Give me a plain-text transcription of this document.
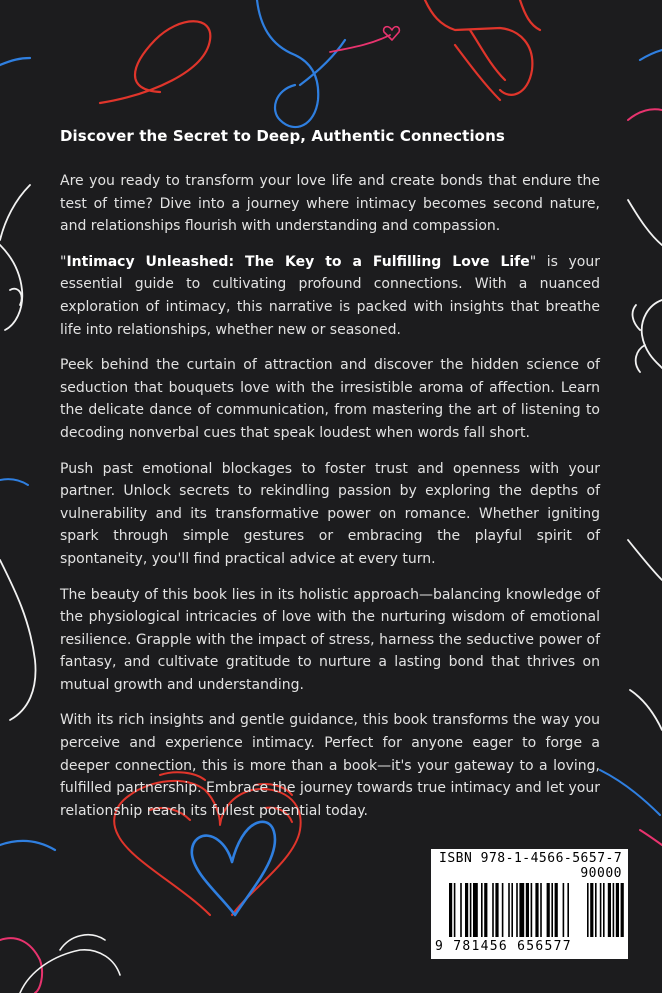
Discover the Secret to Deep, Authentic Connections

Are you ready to transform your love life and create bonds that endure the test of time? Dive into a journey where intimacy becomes second nature, and relationships flourish with understanding and compassion.

"Intimacy Unleashed: The Key to a Fulfilling Love Life" is your essential guide to cultivating profound connections. With a nuanced exploration of intimacy, this narrative is packed with insights that breathe life into relationships, whether new or seasoned.

Peek behind the curtain of attraction and discover the hidden science of seduction that bouquets love with the irresistible aroma of affection. Learn the delicate dance of communication, from mastering the art of listening to decoding nonverbal cues that speak loudest when words fall short.

Push past emotional blockages to foster trust and openness with your partner. Unlock secrets to rekindling passion by exploring the depths of vulnerability and its transformative power on romance. Whether igniting spark through simple gestures or embracing the playful spirit of spontaneity, you'll find practical advice at every turn.

The beauty of this book lies in its holistic approach—balancing knowledge of the physiological intricacies of love with the nurturing wisdom of emotional resilience. Grapple with the impact of stress, harness the seductive power of fantasy, and cultivate gratitude to nurture a lasting bond that thrives on mutual growth and understanding.

With its rich insights and gentle guidance, this book transforms the way you perceive and experience intimacy. Perfect for anyone eager to forge a deeper connection, this is more than a book—it's your gateway to a loving, fulfilled partnership. Embrace the journey towards true intimacy and let your relationship reach its fullest potential today.

ISBN 978-1-4566-5657-7
90000
9 781456 656577
